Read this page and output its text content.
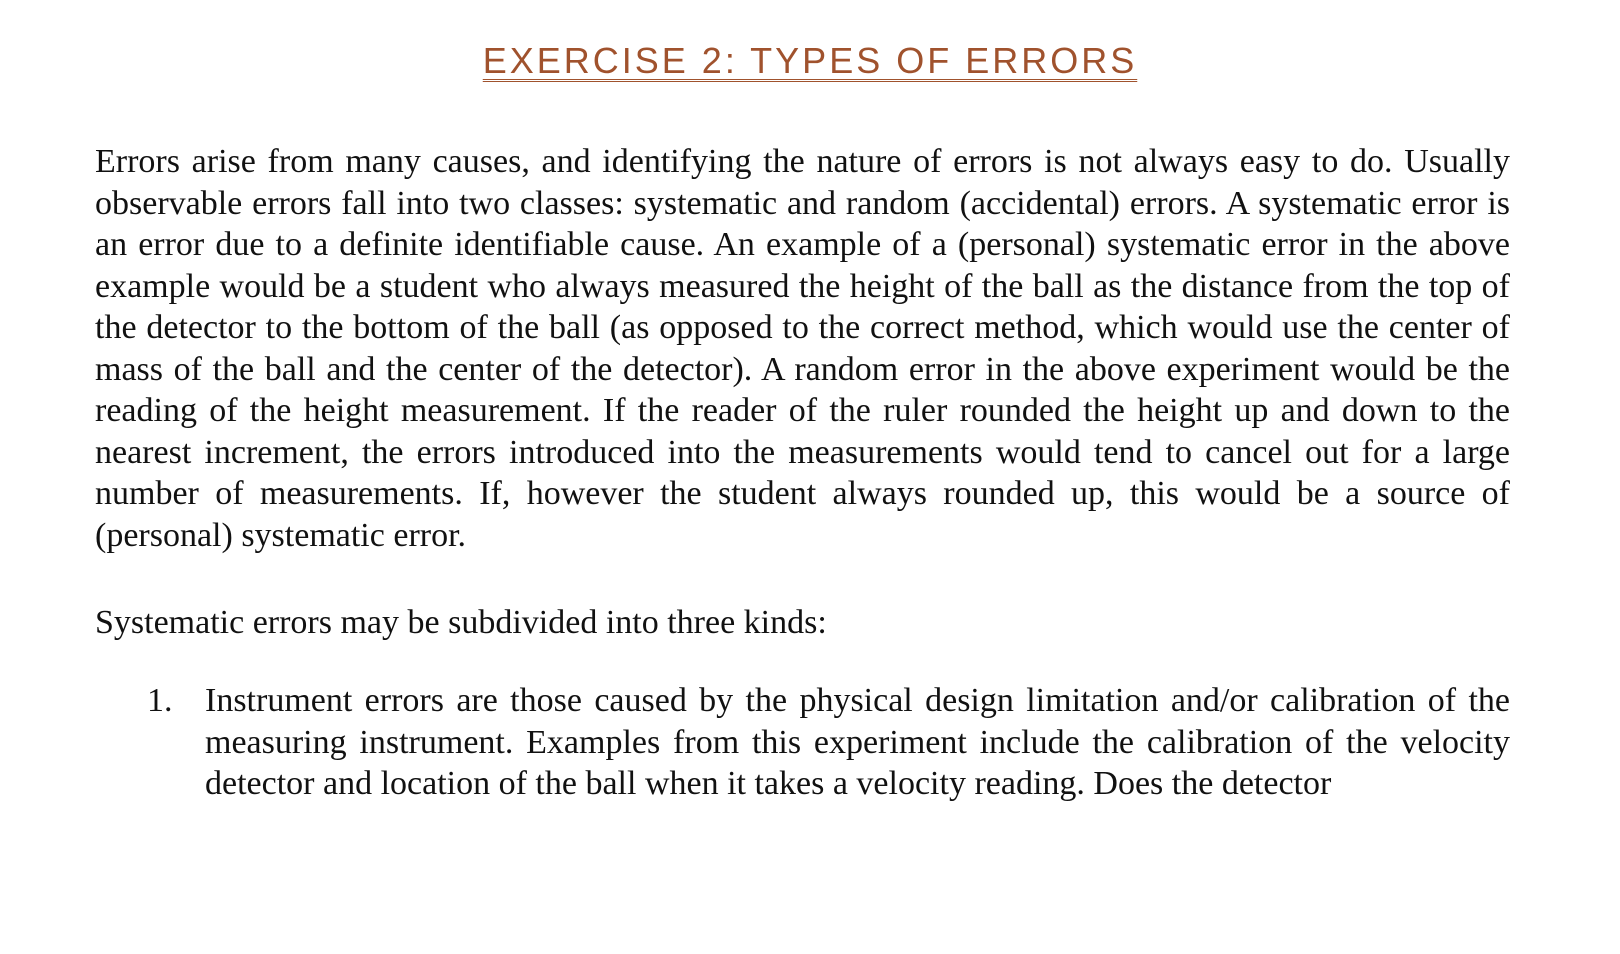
EXERCISE 2: TYPES OF ERRORS

Errors arise from many causes, and identifying the nature of errors is not always easy to do. Usually observable errors fall into two classes: systematic and random (accidental) errors. A systematic error is an error due to a definite identifiable cause. An example of a (personal) systematic error in the above example would be a student who always measured the height of the ball as the distance from the top of the detector to the bottom of the ball (as opposed to the correct method, which would use the center of mass of the ball and the center of the detector). A random error in the above experiment would be the reading of the height measurement. If the reader of the ruler rounded the height up and down to the nearest increment, the errors introduced into the measurements would tend to cancel out for a large number of measurements. If, however the student always rounded up, this would be a source of (personal) systematic error.

Systematic errors may be subdivided into three kinds:

1. Instrument errors are those caused by the physical design limitation and/or calibration of the measuring instrument. Examples from this experiment include the calibration of the velocity detector and location of the ball when it takes a velocity reading. Does the detector
